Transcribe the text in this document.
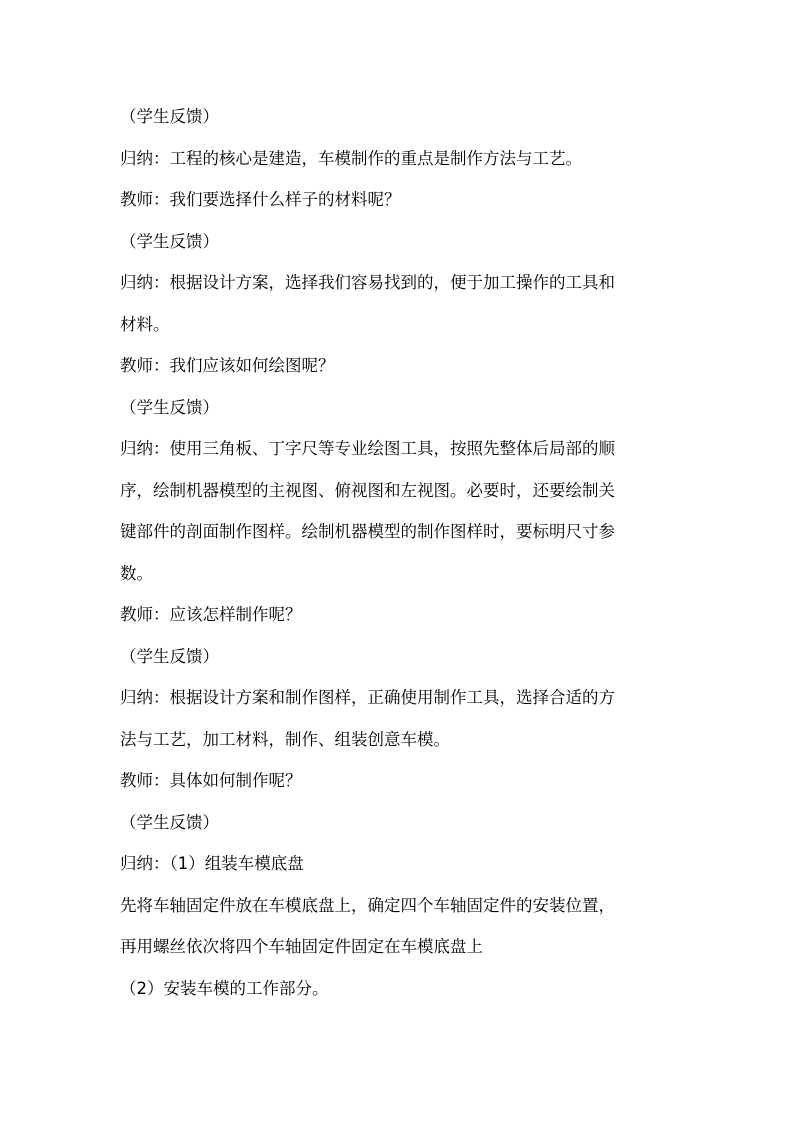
（学生反馈）
归纳：工程的核心是建造，车模制作的重点是制作方法与工艺。
教师：我们要选择什么样子的材料呢？
（学生反馈）
归纳：根据设计方案，选择我们容易找到的，便于加工操作的工具和
材料。
教师：我们应该如何绘图呢？
（学生反馈）
归纳：使用三角板、丁字尺等专业绘图工具，按照先整体后局部的顺
序，绘制机器模型的主视图、俯视图和左视图。必要时，还要绘制关
键部件的剖面制作图样。绘制机器模型的制作图样时，要标明尺寸参
数。
教师：应该怎样制作呢？
（学生反馈）
归纳：根据设计方案和制作图样，正确使用制作工具，选择合适的方
法与工艺，加工材料，制作、组装创意车模。
教师：具体如何制作呢？
（学生反馈）
归纳：（1）组装车模底盘
先将车轴固定件放在车模底盘上，确定四个车轴固定件的安装位置，
再用螺丝依次将四个车轴固定件固定在车模底盘上
（2）安装车模的工作部分。
